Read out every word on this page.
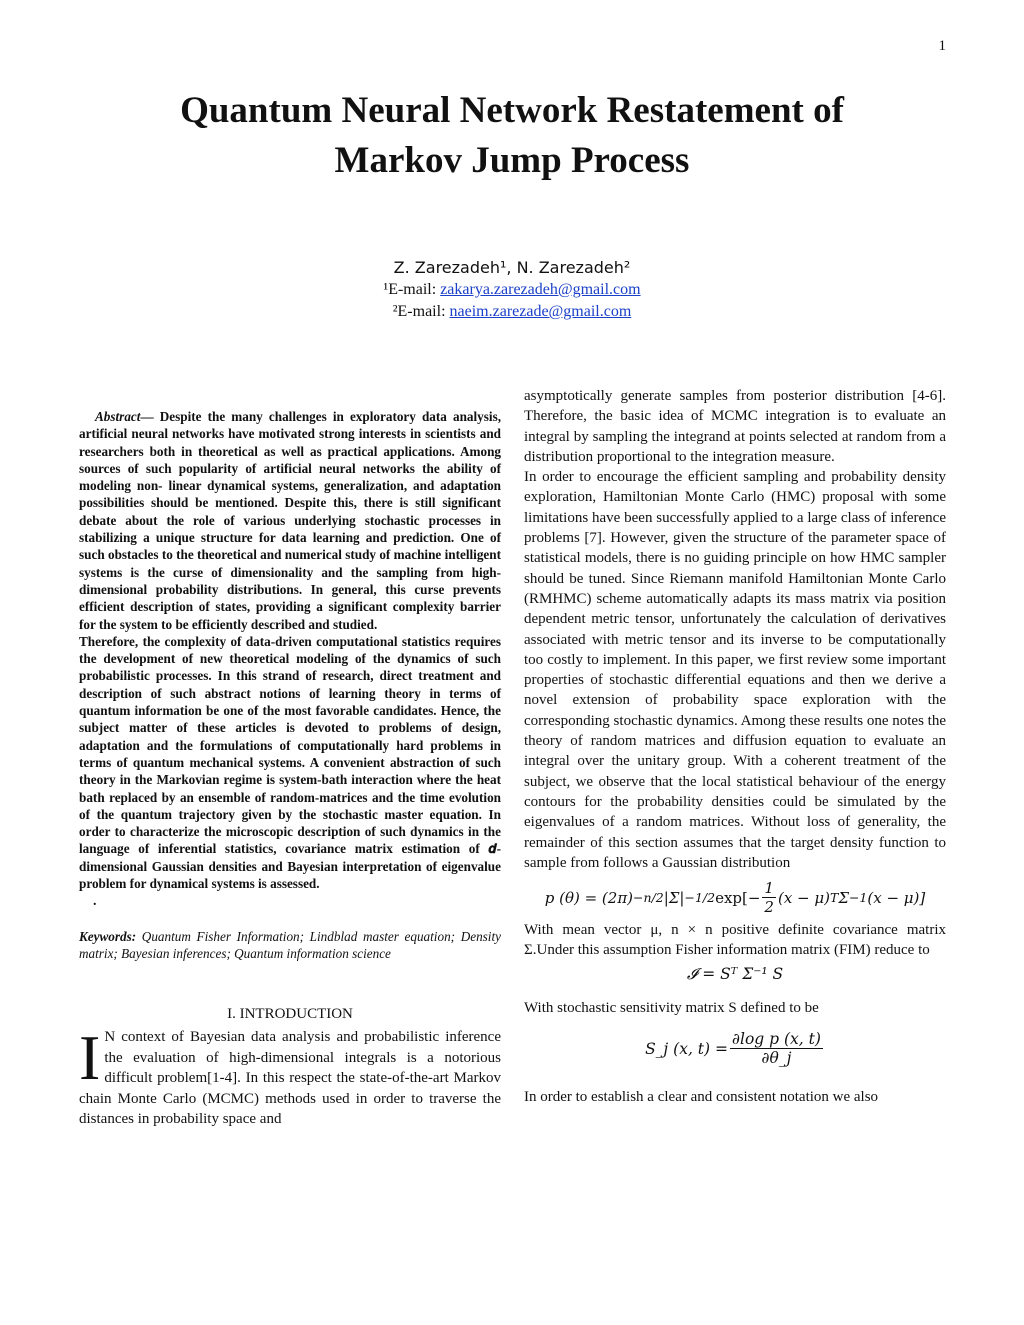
1
Quantum Neural Network Restatement of
Markov Jump Process
Z. Zarezadeh¹, N. Zarezadeh²
¹E-mail: zakarya.zarezadeh@gmail.com
²E-mail: naeim.zarezade@gmail.com

Abstract— Despite the many challenges in exploratory data analysis, artificial neural networks have motivated strong interests in scientists and researchers both in theoretical as well as practical applications. Among sources of such popularity of artificial neural networks the ability of modeling non- linear dynamical systems, generalization, and adaptation possibilities should be mentioned. Despite this, there is still significant debate about the role of various underlying stochastic processes in stabilizing a unique structure for data learning and prediction. One of such obstacles to the theoretical and numerical study of machine intelligent systems is the curse of dimensionality and the sampling from high-dimensional probability distributions. In general, this curse prevents efficient description of states, providing a significant complexity barrier for the system to be efficiently described and studied.

Therefore, the complexity of data-driven computational statistics requires the development of new theoretical modeling of the dynamics of such probabilistic processes. In this strand of research, direct treatment and description of such abstract notions of learning theory in terms of quantum information be one of the most favorable candidates. Hence, the subject matter of these articles is devoted to problems of design, adaptation and the formulations of computationally hard problems in terms of quantum mechanical systems. A convenient abstraction of such theory in the Markovian regime is system-bath interaction where the heat bath replaced by an ensemble of random-matrices and the time evolution of the quantum trajectory given by the stochastic master equation. In order to characterize the microscopic description of such dynamics in the language of inferential statistics, covariance matrix estimation of 𝒅-dimensional Gaussian densities and Bayesian interpretation of eigenvalue problem for dynamical systems is assessed.

.
Keywords: Quantum Fisher Information; Lindblad master equation; Density matrix; Bayesian inferences; Quantum information science
I. INTRODUCTION

I N context of Bayesian data analysis and probabilistic inference the evaluation of high-dimensional integrals is a notorious difficult problem[1-4]. In this respect the state-of-the-art Markov chain Monte Carlo (MCMC) methods used in order to traverse the distances in probability space and

asymptotically generate samples from posterior distribution [4-6]. Therefore, the basic idea of MCMC integration is to evaluate an integral by sampling the integrand at points selected at random from a distribution proportional to the integration measure.

In order to encourage the efficient sampling and probability density exploration, Hamiltonian Monte Carlo (HMC) proposal with some limitations have been successfully applied to a large class of inference problems [7]. However, given the structure of the parameter space of statistical models, there is no guiding principle on how HMC sampler should be tuned. Since Riemann manifold Hamiltonian Monte Carlo (RMHMC) scheme automatically adapts its mass matrix via position dependent metric tensor, unfortunately the calculation of derivatives associated with metric tensor and its inverse to be computationally too costly to implement. In this paper, we first review some important properties of stochastic differential equations and then we derive a novel extension of probability space exploration with the corresponding stochastic dynamics. Among these results one notes the theory of random matrices and diffusion equation to evaluate an integral over the unitary group. With a coherent treatment of the subject, we observe that the local statistical behaviour of the energy contours for the probability densities could be simulated by the eigenvalues of a random matrices. Without loss of generality, the remainder of this section assumes that the target density function to sample from follows a Gaussian distribution

p (θ) = (2π) −n/2 |Σ| −1/2 $\exp[- \frac{1}{2} (x - \mu)$ T Σ −1 (x − μ)]

With mean vector μ, n × n positive definite covariance matrix Σ.Under this assumption Fisher information matrix (FIM) reduce to

𝓘 = Sᵀ Σ⁻¹ S

With stochastic sensitivity matrix S defined to be

S_j (x, $t) = \frac{\text{∂log p (x, t)}}{\partial\theta\_j}$

In order to establish a clear and consistent notation we also
